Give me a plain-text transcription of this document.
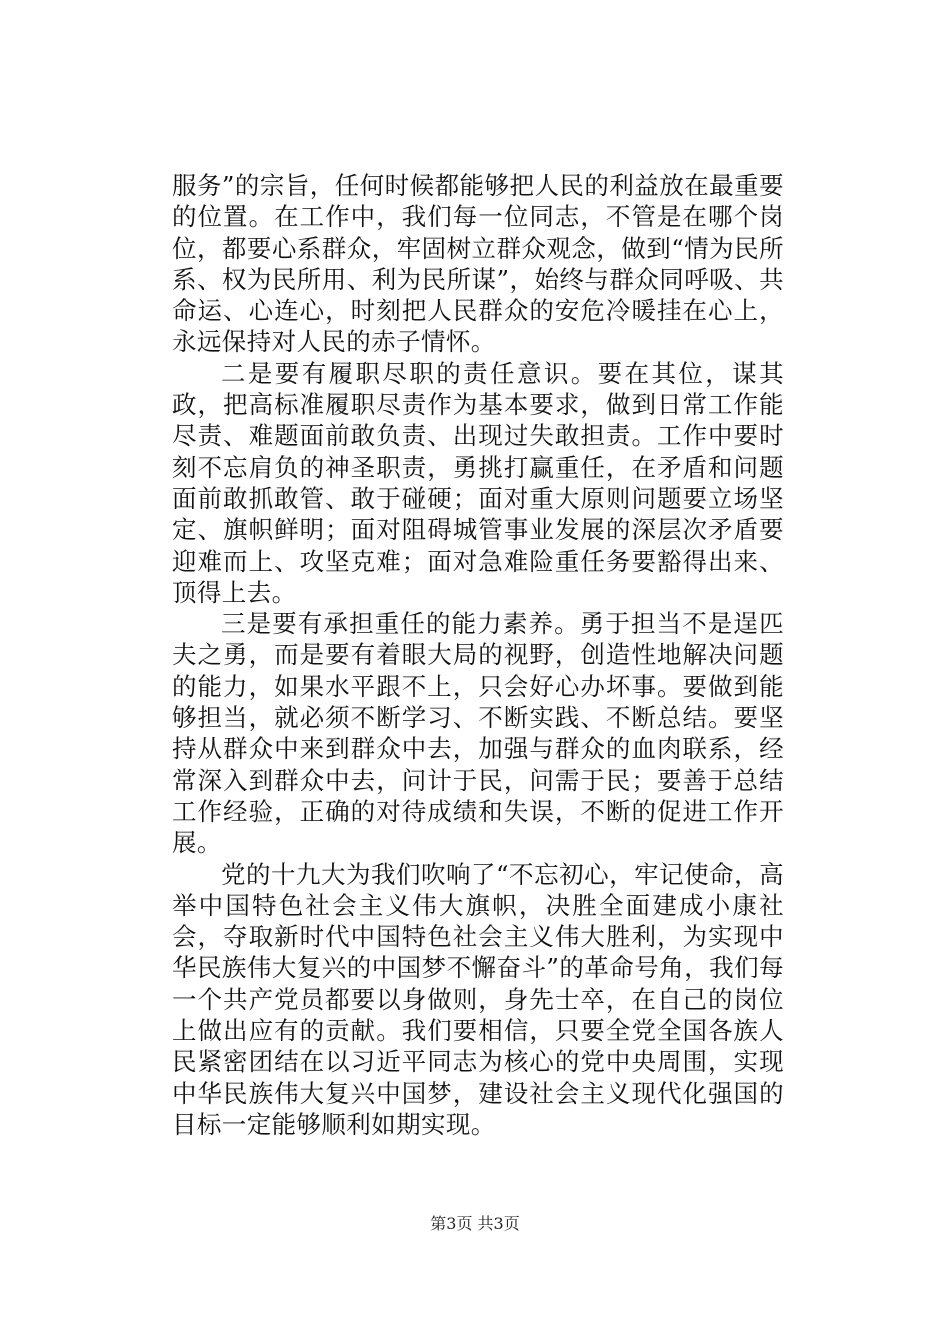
服务”的宗旨，任何时候都能够把人民的利益放在最重要的位置。在工作中，我们每一位同志，不管是在哪个岗位，都要心系群众，牢固树立群众观念，做到“情为民所系、权为民所用、利为民所谋”，始终与群众同呼吸、共命运、心连心，时刻把人民群众的安危冷暖挂在心上，永远保持对人民的赤子情怀。

二是要有履职尽职的责任意识。要在其位，谋其政，把高标准履职尽责作为基本要求，做到日常工作能尽责、难题面前敢负责、出现过失敢担责。工作中要时刻不忘肩负的神圣职责，勇挑打赢重任，在矛盾和问题面前敢抓敢管、敢于碰硬；面对重大原则问题要立场坚定、旗帜鲜明；面对阻碍城管事业发展的深层次矛盾要迎难而上、攻坚克难；面对急难险重任务要豁得出来、顶得上去。

三是要有承担重任的能力素养。勇于担当不是逞匹夫之勇，而是要有着眼大局的视野，创造性地解决问题的能力，如果水平跟不上，只会好心办坏事。要做到能够担当，就必须不断学习、不断实践、不断总结。要坚持从群众中来到群众中去，加强与群众的血肉联系，经常深入到群众中去，问计于民，问需于民；要善于总结工作经验，正确的对待成绩和失误，不断的促进工作开展。

党的十九大为我们吹响了“不忘初心，牢记使命，高举中国特色社会主义伟大旗帜，决胜全面建成小康社会，夺取新时代中国特色社会主义伟大胜利，为实现中华民族伟大复兴的中国梦不懈奋斗”的革命号角，我们每一个共产党员都要以身做则，身先士卒，在自己的岗位上做出应有的贡献。我们要相信，只要全党全国各族人民紧密团结在以习近平同志为核心的党中央周围，实现中华民族伟大复兴中国梦，建设社会主义现代化强国的目标一定能够顺利如期实现。

第3页 共3页
